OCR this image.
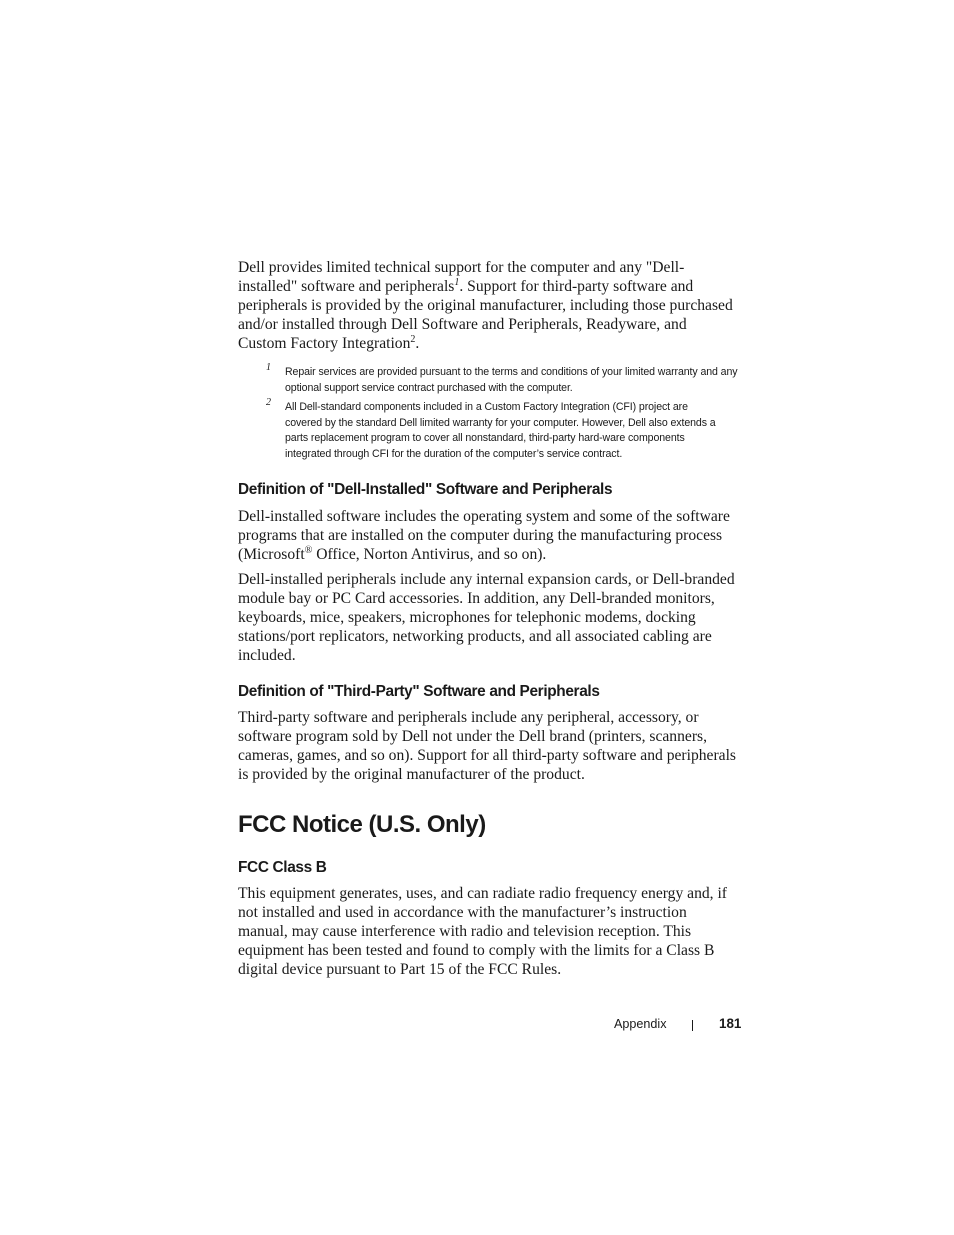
Dell provides limited technical support for the computer and any "Dell-installed" software and peripherals$^1$. Support for third-party software and peripherals is provided by the original manufacturer, including those purchased and/or installed through Dell Software and Peripherals, Readyware, and Custom Factory Integration$^2$.

1 Repair services are provided pursuant to the terms and conditions of your limited warranty and any optional support service contract purchased with the computer.

2 All Dell-standard components included in a Custom Factory Integration (CFI) project are covered by the standard Dell limited warranty for your computer. However, Dell also extends a parts replacement program to cover all nonstandard, third-party hard-ware components integrated through CFI for the duration of the computer’s service contract.

Definition of "Dell-Installed" Software and Peripherals

Dell-installed software includes the operating system and some of the software programs that are installed on the computer during the manufacturing process (Microsoft® Office, Norton Antivirus, and so on).

Dell-installed peripherals include any internal expansion cards, or Dell-branded module bay or PC Card accessories. In addition, any Dell-branded monitors, keyboards, mice, speakers, microphones for telephonic modems, docking stations/port replicators, networking products, and all associated cabling are included.

Definition of "Third-Party" Software and Peripherals

Third-party software and peripherals include any peripheral, accessory, or software program sold by Dell not under the Dell brand (printers, scanners, cameras, games, and so on). Support for all third-party software and peripherals is provided by the original manufacturer of the product.

FCC Notice (U.S. Only)
FCC Class B

This equipment generates, uses, and can radiate radio frequency energy and, if not installed and used in accordance with the manufacturer’s instruction manual, may cause interference with radio and television reception. This equipment has been tested and found to comply with the limits for a Class B digital device pursuant to Part 15 of the FCC Rules.

Appendix	181
